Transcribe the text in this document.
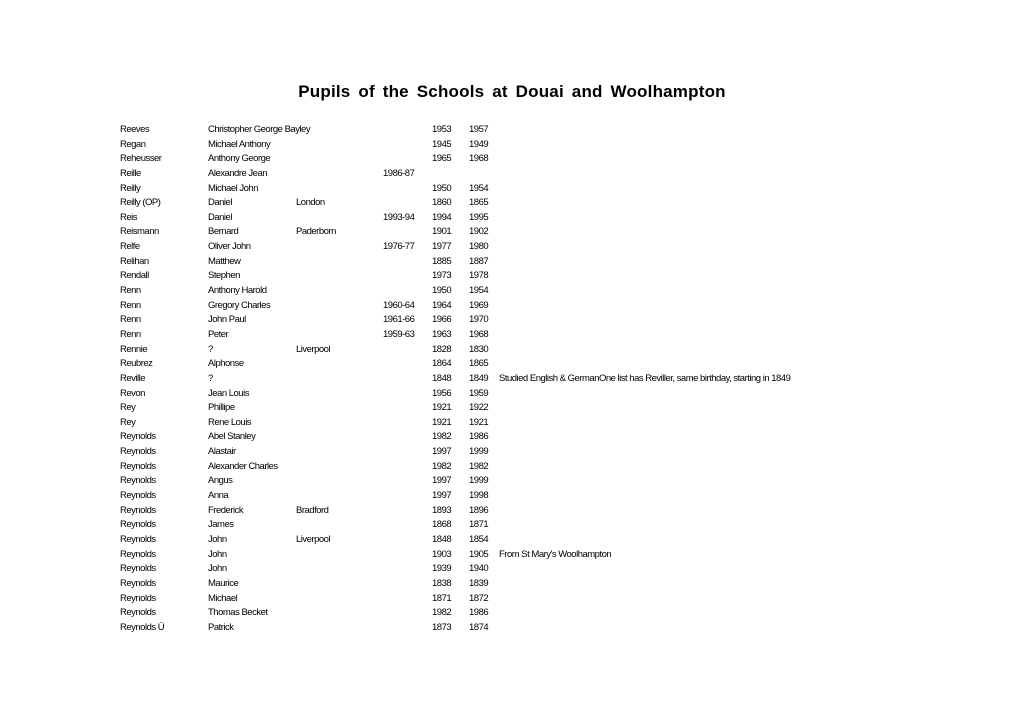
Pupils of the Schools at Douai and Woolhampton
Reeves	Christopher George Bayley	1953 1957
Regan	Michael Anthony	1945 1949
Reheusser	Anthony George	1965 1968
Reille	Alexandre Jean	1986-87
Reilly	Michael John	1950 1954
Reilly (OP)	Daniel	London	1860 1865
Reis	Daniel	1993-94 1994 1995
Reismann	Bernard	Paderborn	1901 1902
Relfe	Oliver John	1976-77 1977 1980
Relihan	Matthew	1885 1887
Rendall	Stephen	1973 1978
Renn	Anthony Harold	1950 1954
Renn	Gregory Charles	1960-64 1964 1969
Renn	John Paul	1961-66 1966 1970
Renn	Peter	1959-63 1963 1968
Rennie	?	Liverpool	1828 1830
Reubrez	Alphonse	1864 1865
Reville	?	1848 1849 Studied English & GermanOne list has Reviller, same birthday, starting in 1849
Revon	Jean Louis	1956 1959
Rey	Phillipe	1921 1922
Rey	Rene Louis	1921 1921
Reynolds	Abel Stanley	1982 1986
Reynolds	Alastair	1997 1999
Reynolds	Alexander Charles	1982 1982
Reynolds	Angus	1997 1999
Reynolds	Anna	1997 1998
Reynolds	Frederick	Bradford	1893 1896
Reynolds	James	1868 1871
Reynolds	John	Liverpool	1848 1854
Reynolds	John	1903 1905 From St Mary's Woolhampton
Reynolds	John	1939 1940
Reynolds	Maurice	1838 1839
Reynolds	Michael	1871 1872
Reynolds	Thomas Becket	1982 1986
Reynolds Ü	Patrick	1873 1874
